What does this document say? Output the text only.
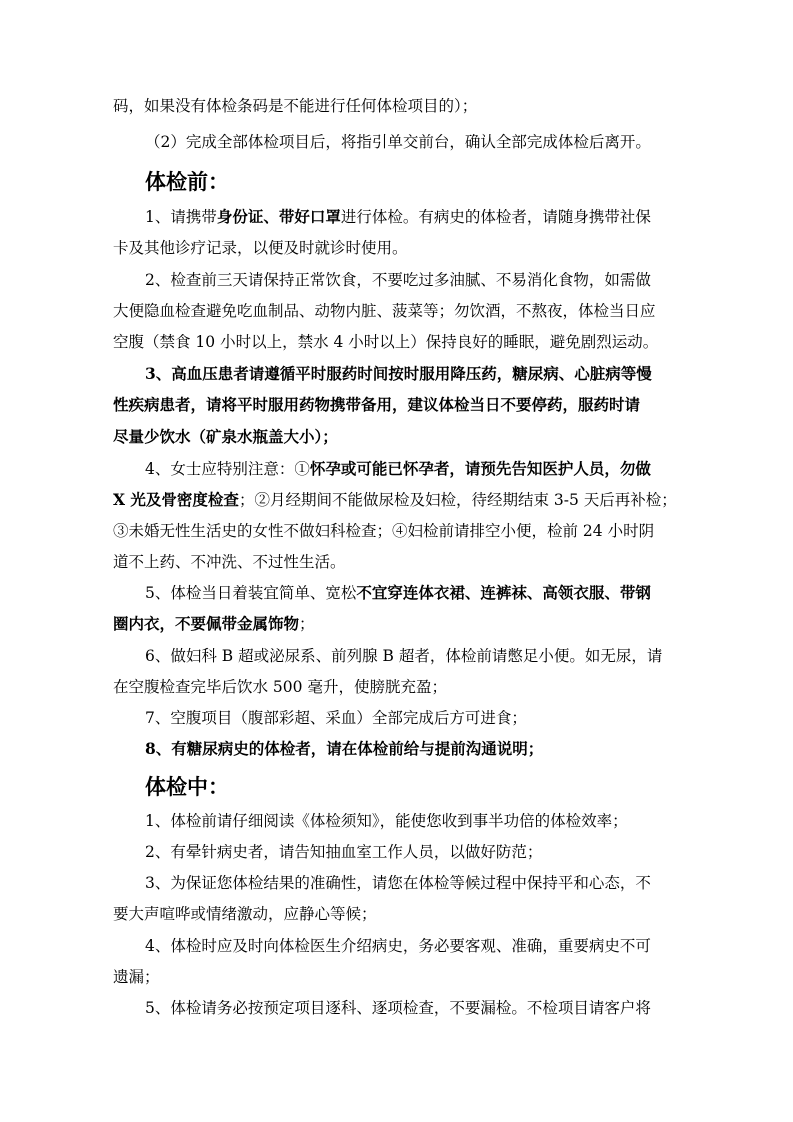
码，如果没有体检条码是不能进行任何体检项目的）；
（2）完成全部体检项目后，将指引单交前台，确认全部完成体检后离开。
体检前：
1、请携带身份证、带好口罩进行体检。有病史的体检者，请随身携带社保
卡及其他诊疗记录，以便及时就诊时使用。
2、检查前三天请保持正常饮食，不要吃过多油腻、不易消化食物，如需做
大便隐血检查避免吃血制品、动物内脏、菠菜等；勿饮酒，不熬夜，体检当日应
空腹（禁食 10 小时以上，禁水 4 小时以上）保持良好的睡眠，避免剧烈运动。
3、高血压患者请遵循平时服药时间按时服用降压药，糖尿病、心脏病等慢
性疾病患者，请将平时服用药物携带备用，建议体检当日不要停药，服药时请
尽量少饮水（矿泉水瓶盖大小）；
4、女士应特别注意：①怀孕或可能已怀孕者，请预先告知医护人员，勿做
X 光及骨密度检查；②月经期间不能做尿检及妇检，待经期结束 3-5 天后再补检；
③未婚无性生活史的女性不做妇科检查；④妇检前请排空小便，检前 24 小时阴
道不上药、不冲洗、不过性生活。
5、体检当日着装宜简单、宽松不宜穿连体衣裙、连裤袜、高领衣服、带钢
圈内衣，不要佩带金属饰物；
6、做妇科 B 超或泌尿系、前列腺 B 超者，体检前请憋足小便。如无尿，请
在空腹检查完毕后饮水 500 毫升，使膀胱充盈；
7、空腹项目（腹部彩超、采血）全部完成后方可进食；
8、有糖尿病史的体检者，请在体检前给与提前沟通说明；
体检中：
1、体检前请仔细阅读《体检须知》，能使您收到事半功倍的体检效率；
2、有晕针病史者，请告知抽血室工作人员，以做好防范；
3、为保证您体检结果的准确性，请您在体检等候过程中保持平和心态，不
要大声喧哗或情绪激动，应静心等候；
4、体检时应及时向体检医生介绍病史，务必要客观、准确，重要病史不可
遗漏；
5、体检请务必按预定项目逐科、逐项检查，不要漏检。不检项目请客户将
